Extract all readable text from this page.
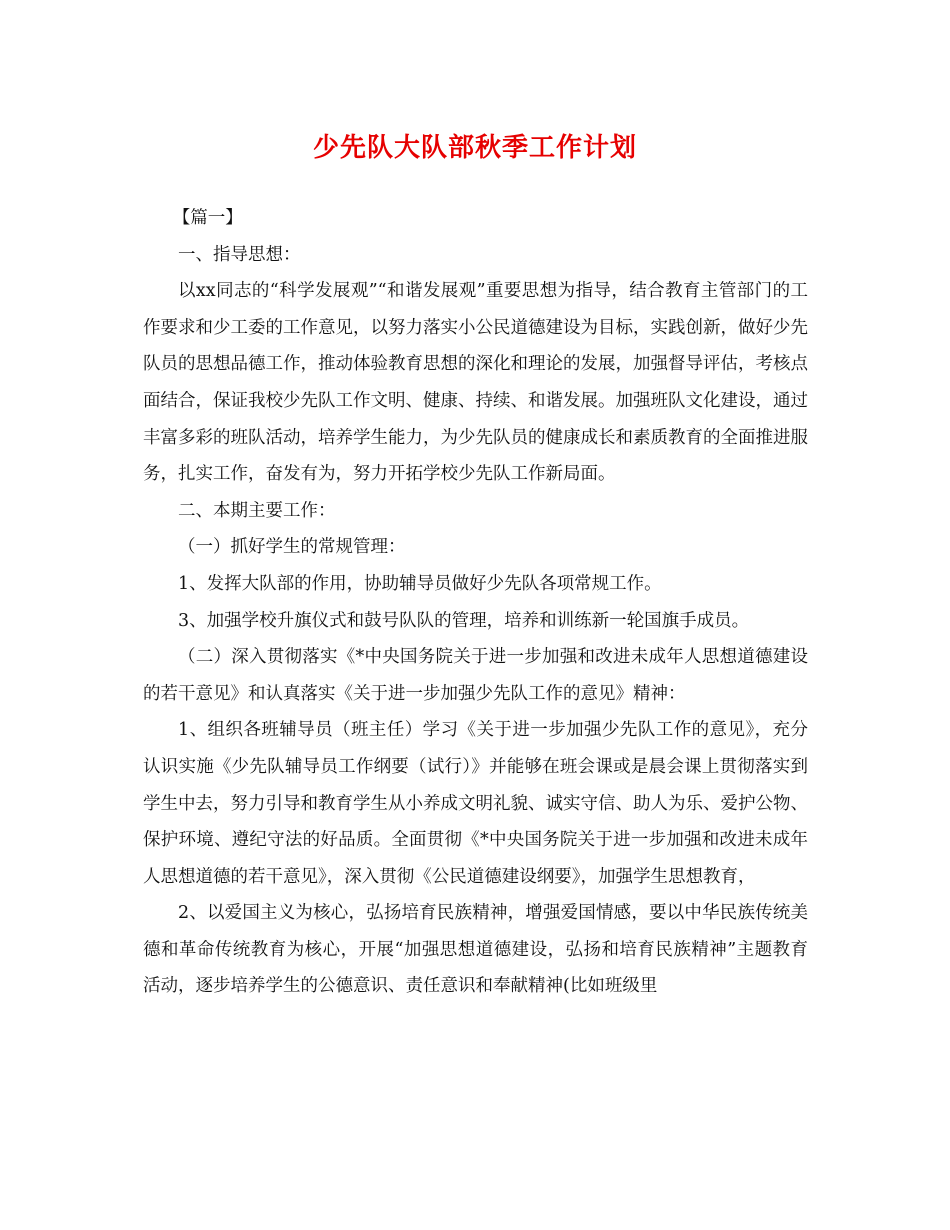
少先队大队部秋季工作计划

【篇一】

一、指导思想：

以xx同志的“科学发展观”“和谐发展观”重要思想为指导，结合教育主管部门的工作要求和少工委的工作意见，以努力落实小公民道德建设为目标，实践创新，做好少先队员的思想品德工作，推动体验教育思想的深化和理论的发展，加强督导评估，考核点面结合，保证我校少先队工作文明、健康、持续、和谐发展。加强班队文化建设，通过丰富多彩的班队活动，培养学生能力，为少先队员的健康成长和素质教育的全面推进服务，扎实工作，奋发有为，努力开拓学校少先队工作新局面。

二、本期主要工作：

（一）抓好学生的常规管理：

1、发挥大队部的作用，协助辅导员做好少先队各项常规工作。

3、加强学校升旗仪式和鼓号队队的管理，培养和训练新一轮国旗手成员。

（二）深入贯彻落实《*中央国务院关于进一步加强和改进未成年人思想道德建设的若干意见》和认真落实《关于进一步加强少先队工作的意见》精神：

1、组织各班辅导员（班主任）学习《关于进一步加强少先队工作的意见》，充分认识实施《少先队辅导员工作纲要（试行）》并能够在班会课或是晨会课上贯彻落实到学生中去，努力引导和教育学生从小养成文明礼貌、诚实守信、助人为乐、爱护公物、保护环境、遵纪守法的好品质。全面贯彻《*中央国务院关于进一步加强和改进未成年人思想道德的若干意见》，深入贯彻《公民道德建设纲要》，加强学生思想教育，

2、以爱国主义为核心，弘扬培育民族精神，增强爱国情感，要以中华民族传统美德和革命传统教育为核心，开展“加强思想道德建设，弘扬和培育民族精神”主题教育活动，逐步培养学生的公德意识、责任意识和奉献精神(比如班级里
